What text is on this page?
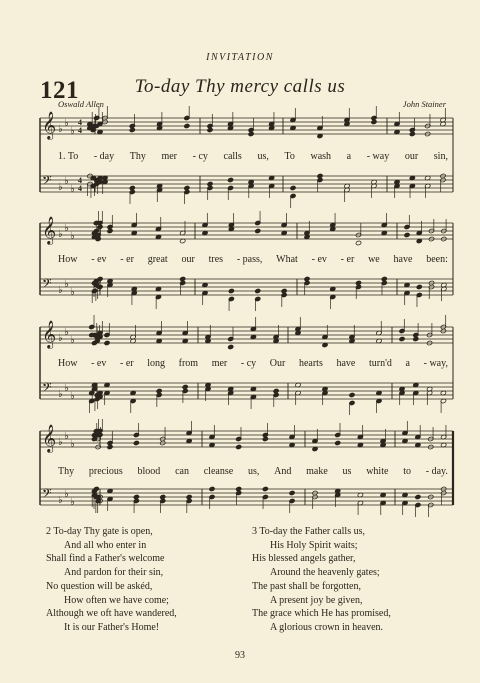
INVITATION
121	To-day Thy mercy calls us
Oswald Allen	John Stainer
𝄞 ♭
♭
♭
𝄢 ♭
♭
♭
4
4
4
4
𝄞 ♭
♭
♭
𝄢 ♭
♭
♭
𝄞 ♭
♭
♭
𝄢 ♭
♭
♭
𝄞 ♭
♭
♭
𝄢 ♭
♭
♭
1. To - day Thy mer - cy calls us, To wash a - way our sin,
How - ev - er great our tres - pass, What - ev - er we have been:
How - ev - er long from mer - cy Our hearts have turn'd a - way,
Thy precious blood can cleanse us, And make us white to - day.
2 To-day Thy gate is open,
And all who enter in
Shall find a Father's welcome
And pardon for their sin,
No question will be askéd,
How often we have come;
Although we oft have wandered,
It is our Father's Home!
3 To-day the Father calls us,
His Holy Spirit waits;
His blessed angels gather,
Around the heavenly gates;
The past shall be forgotten,
A present joy be given,
The grace which He has promised,
A glorious crown in heaven.
93
